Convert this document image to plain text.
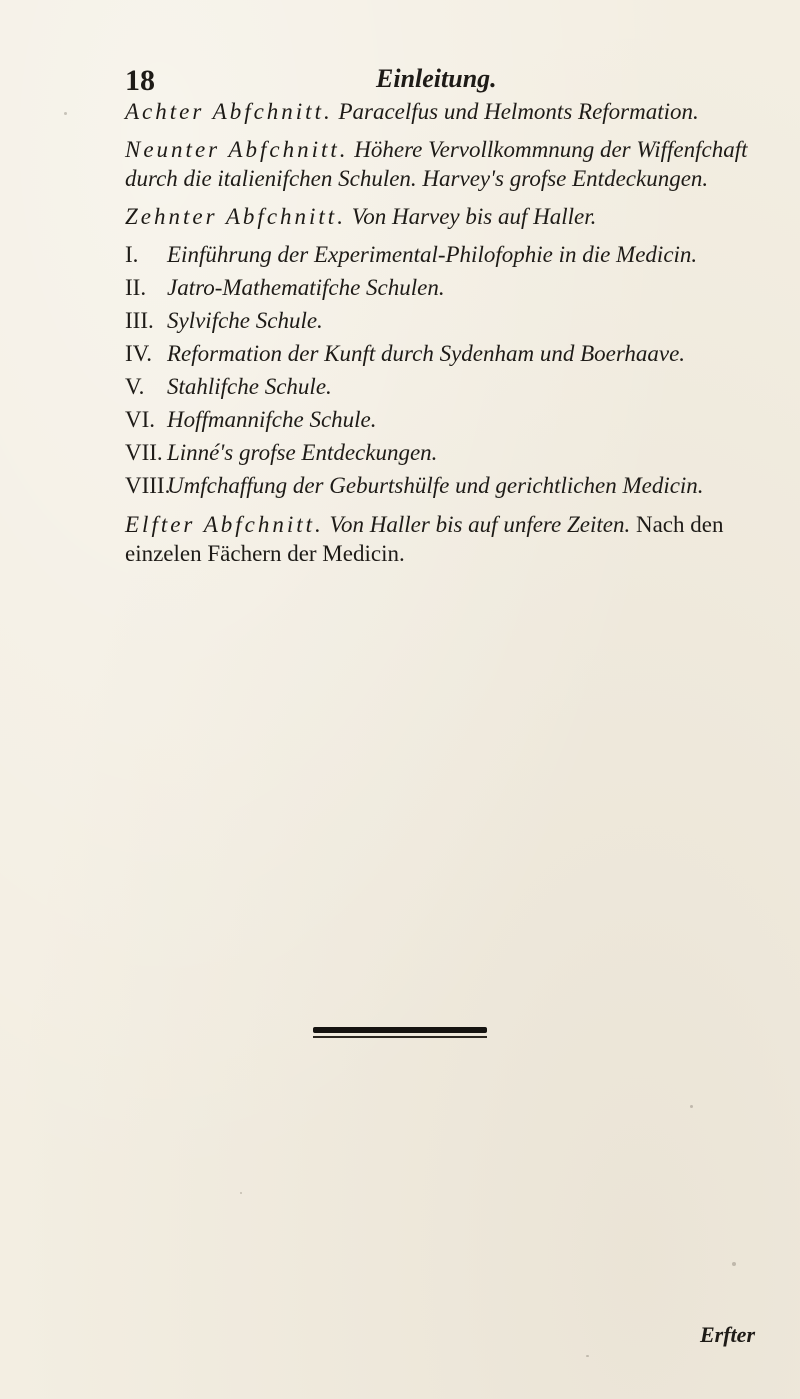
18	Einleitung.
Achter Abfchnitt. Paracelfus und Helmonts Reformation.
Neunter Abfchnitt. Höhere Vervollkommnung der Wiffenfchaft durch die italienifchen Schulen. Harvey's grofse Entdeckungen.
Zehnter Abfchnitt. Von Harvey bis auf Haller.
I. Einführung der Experimental-Philofophie in die Medicin.
II. Jatro-Mathematifche Schulen.
III. Sylvifche Schule.
IV. Reformation der Kunft durch Sydenham und Boerhaave.
V. Stahlifche Schule.
VI. Hoffmannifche Schule.
VII. Linné's grofse Entdeckungen.
VIII.Umfchaffung der Geburtshülfe und gerichtlichen Medicin.
Elfter Abfchnitt. Von Haller bis auf unfere Zeiten. Nach den einzelen Fächern der Medicin.
Erfter
